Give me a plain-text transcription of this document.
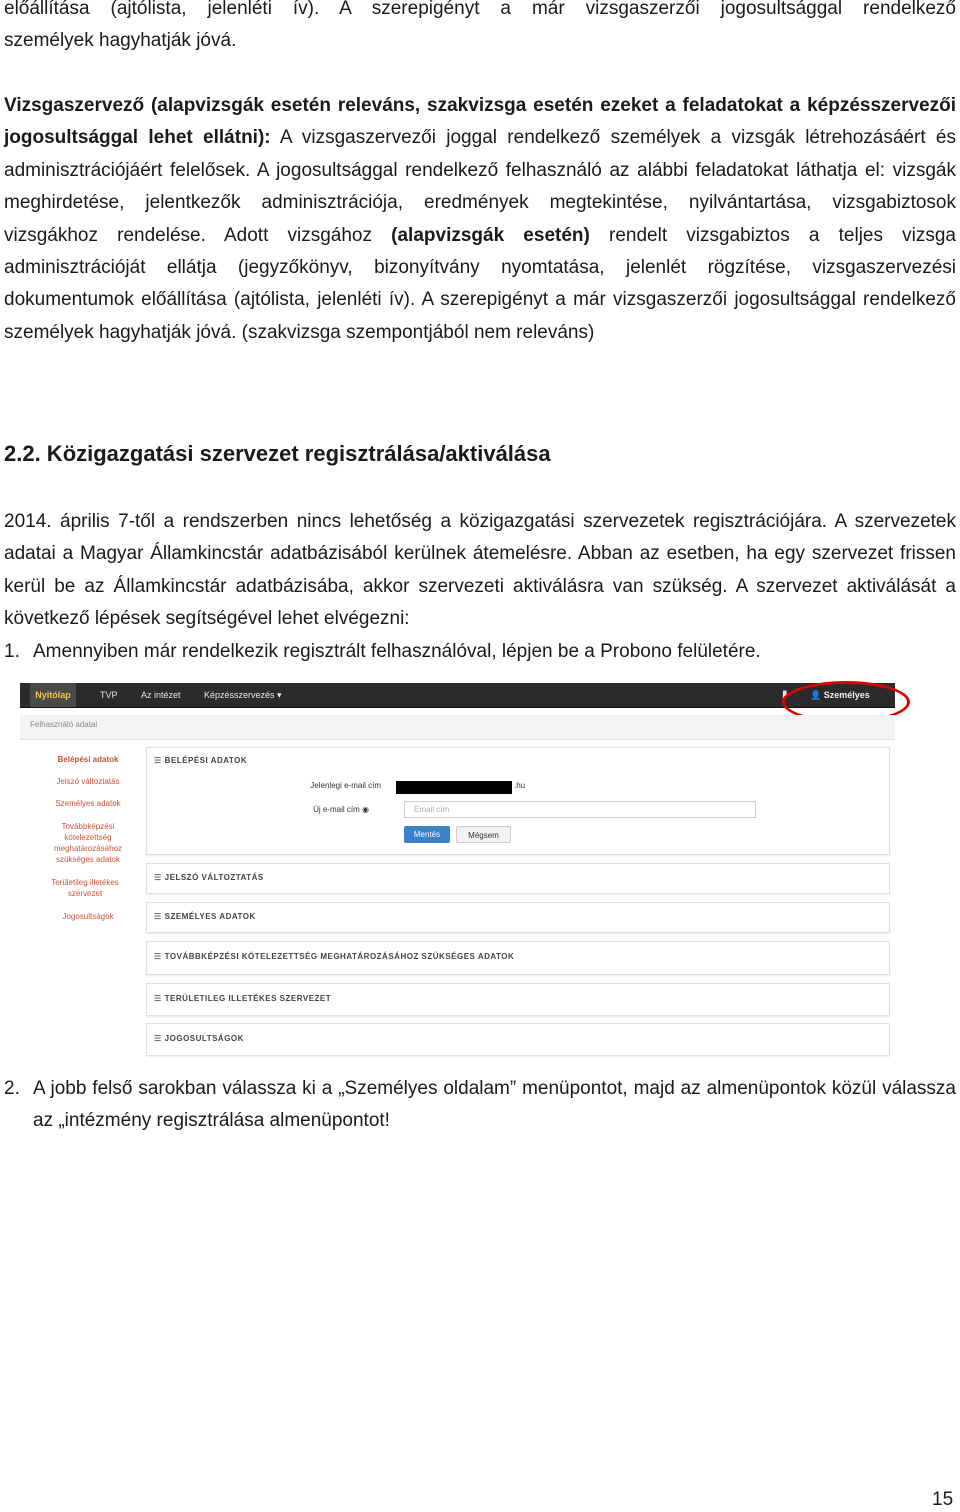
előállítása (ajtólista, jelenléti ív). A szerepigényt a már vizsgaszerzői jogosultsággal rendelkező
személyek hagyhatják jóvá.
Vizsgaszervező (alapvizsgák esetén releváns, szakvizsga esetén ezeket a feladatokat a képzésszervezői jogosultsággal lehet ellátni): A vizsgaszervezői joggal rendelkező személyek a vizsgák létrehozásáért és adminisztrációjáért felelősek. A jogosultsággal rendelkező felhasználó az alábbi feladatokat láthatja el: vizsgák meghirdetése, jelentkezők adminisztrációja, eredmények megtekintése, nyilvántartása, vizsgabiztosok vizsgákhoz rendelése. Adott vizsgához (alapvizsgák esetén) rendelt vizsgabiztos a teljes vizsga adminisztrációját ellátja (jegyzőkönyv, bizonyítvány nyomtatása, jelenlét rögzítése, vizsgaszervezési dokumentumok előállítása (ajtólista, jelenléti ív). A szerepigényt a már vizsgaszerzői jogosultsággal rendelkező személyek hagyhatják jóvá. (szakvizsga szempontjából nem releváns)
2.2. Közigazgatási szervezet regisztrálása/aktiválása
2014. április 7-től a rendszerben nincs lehetőség a közigazgatási szervezetek regisztrációjára. A szervezetek adatai a Magyar Államkincstár adatbázisából kerülnek átemelésre. Abban az esetben, ha egy szervezet frissen kerül be az Államkincstár adatbázisába, akkor szervezeti aktiválásra van szükség. A szervezet aktiválását a következő lépések segítségével lehet elvégezni:
1. Amennyiben már rendelkezik regisztrált felhasználóval, lépjen be a Probono felületére.
Nyitólap	TVP	Az intézet	Képzésszervezés ▾	▮ 👤 Személyes
Felhasználó adatai
Belépési adatok
Jelszó változtatás
Személyes adatok
Továbbképzési kötelezettség meghatározásához szükséges adatok
Területileg illetékes szervezet
Jogosultságok
☰ BELÉPÉSI ADATOK
Jelenlegi e-mail cím	.hu
Új e-mail cím ◉	Email cím
Mentés	Mégsem
☰ JELSZÓ VÁLTOZTATÁS
☰ SZEMÉLYES ADATOK
☰ TOVÁBBKÉPZÉSI KÖTELEZETTSÉG MEGHATÁROZÁSÁHOZ SZÜKSÉGES ADATOK
☰ TERÜLETILEG ILLETÉKES SZERVEZET
☰ JOGOSULTSÁGOK
2. A jobb felső sarokban válassza ki a „Személyes oldalam” menüpontot, majd az almenüpontok közül válassza az „intézmény regisztrálása almenüpontot!
15
